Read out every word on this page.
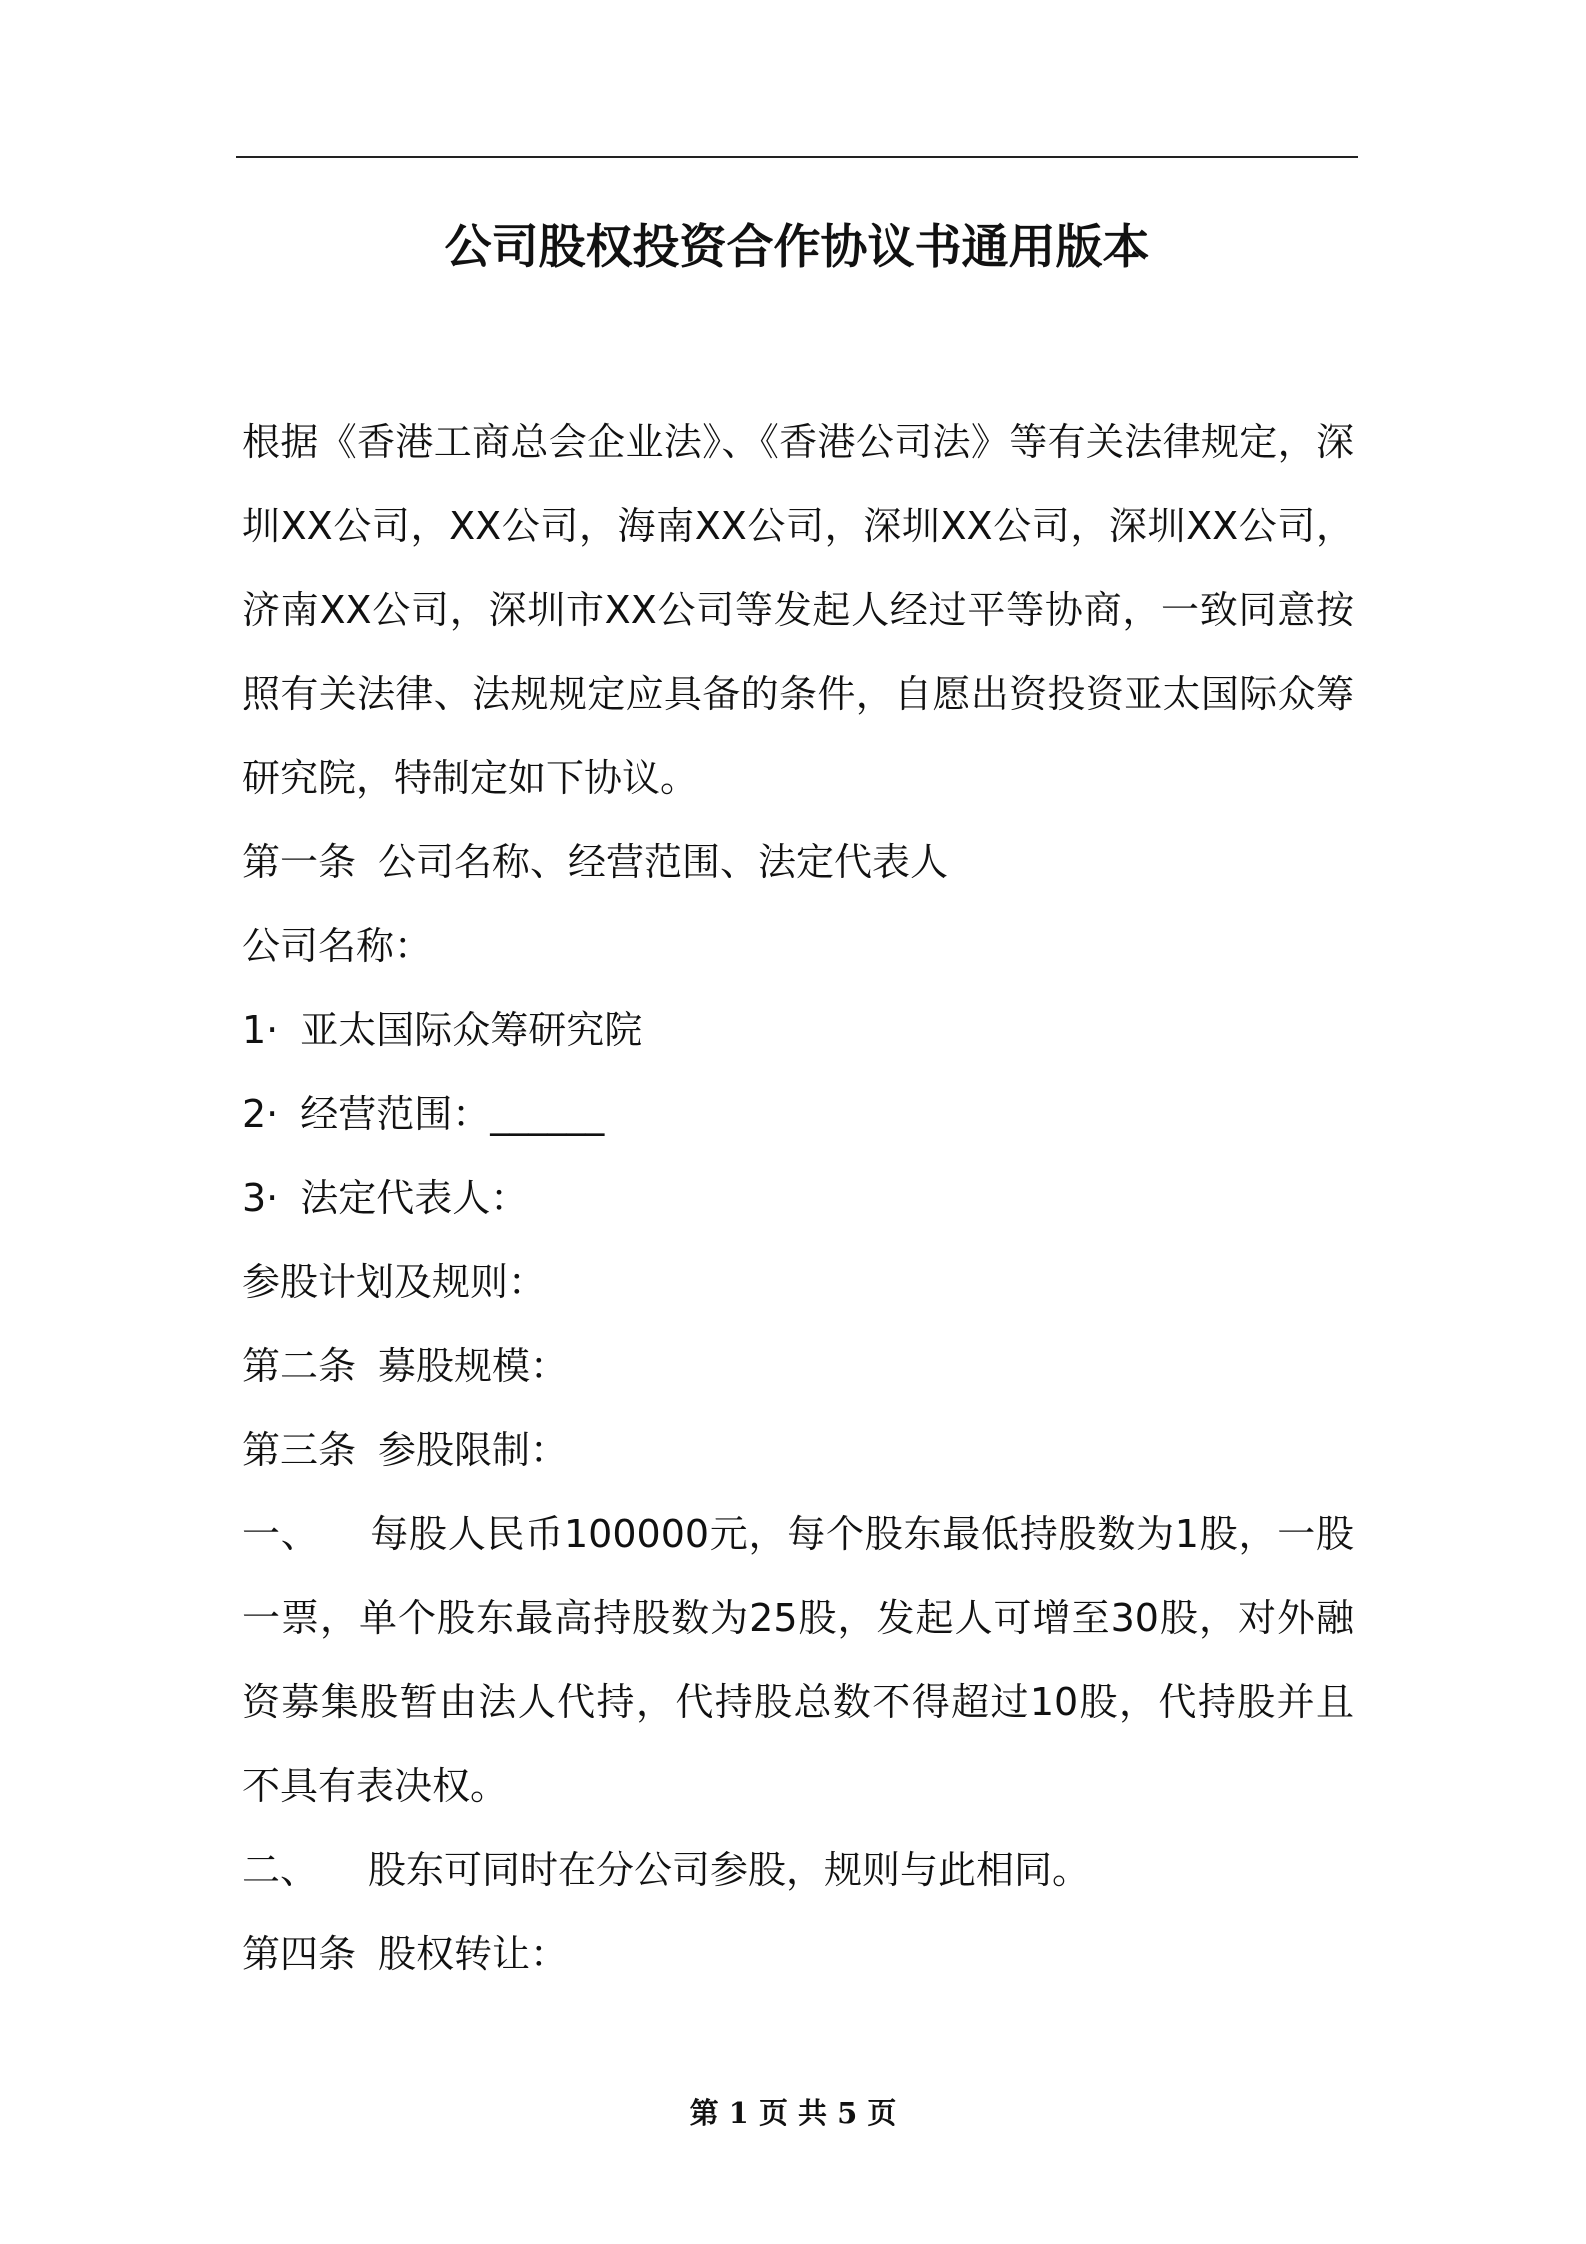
公司股权投资合作协议书通用版本

根据《香港工商总会企业法》、《香港公司法》等有关法律规定，深圳XX公司，XX公司，海南XX公司，深圳XX公司，深圳XX公司，济南XX公司，深圳市XX公司等发起人经过平等协商，一致同意按照有关法律、法规规定应具备的条件，自愿出资投资亚太国际众筹研究院，特制定如下协议。

第一条 公司名称、经营范围、法定代表人

公司名称：

1· 亚太国际众筹研究院

2· 经营范围：______

3· 法定代表人：

参股计划及规则：

第二条 募股规模：

第三条 参股限制：

一、 每股人民币100000元，每个股东最低持股数为1股，一股一票，单个股东最高持股数为25股，发起人可增至30股，对外融资募集股暂由法人代持，代持股总数不得超过10股，代持股并且不具有表决权。

二、 股东可同时在分公司参股，规则与此相同。

第四条 股权转让：

第 1 页 共 5 页
